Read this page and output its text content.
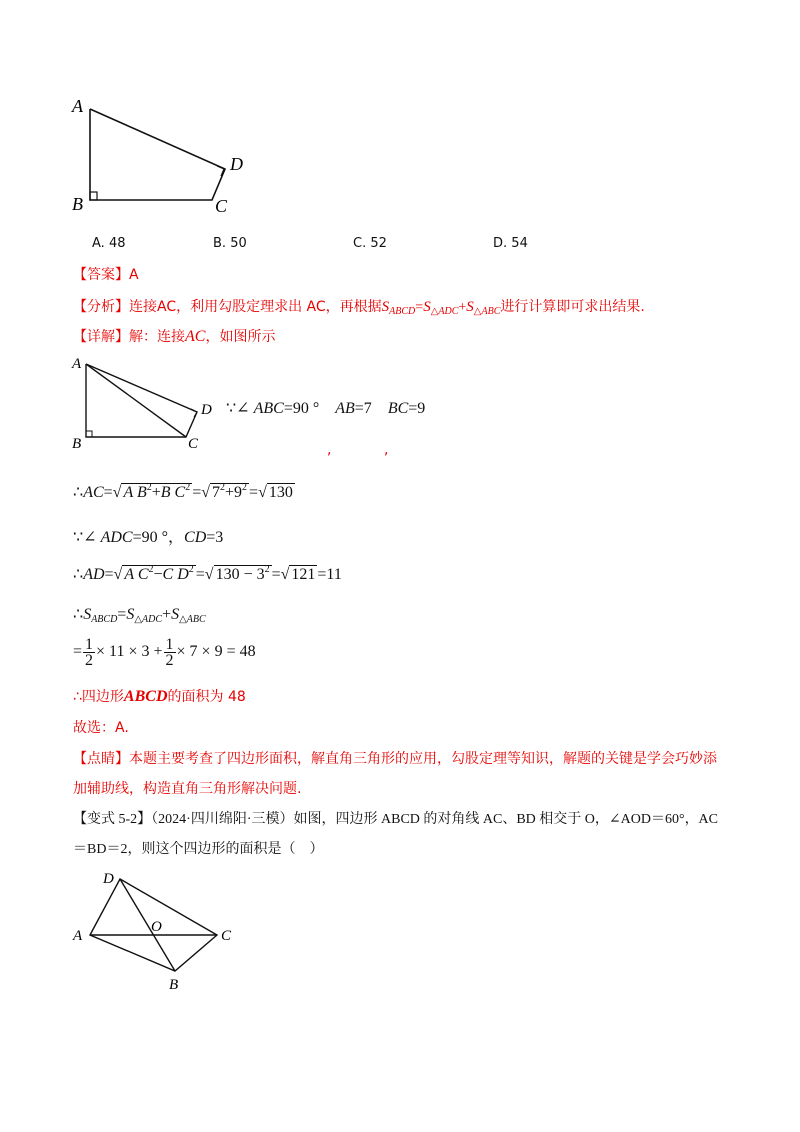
A
B	C
D
A. 48	B. 50	C. 52	D. 54
【答案】A
【分析】连接AC，利用勾股定理求出 AC，再根据$S_{ABCD}=S_{\triangle ADC}+S_{\triangle ABC}$进行计算即可求出结果.
【详解】解：连接AC，如图所示
A
B	C
D ∵∠ ABC=90 ° AB=7 BC=9
,	,
∴AC=√ A $B^2+B$ $C^2$ =√ $7^2+9^2$ =√ 130
∵∠ ADC=90 °，CD=3
∴AD=√ A $C^2-C$ $D^2$ =√ $130 - 3^2$ =√ 121 =11
$\therefore S_{ABCD}=S_{\triangle ADC}+S_{\triangle ABC}$
= $\frac{1}{2} \times 11 \times 3 + \frac{1}{2} \times 7 \times 9 = 48$
∴四边形ABCD的面积为 48
故选：A.
【点睛】本题主要考查了四边形面积，解直角三角形的应用，勾股定理等知识，解题的关键是学会巧妙添
加辅助线，构造直角三角形解决问题.
【变式 5-2】（2024·四川绵阳·三模）如图，四边形 ABCD 的对角线 AC、BD 相交于 O，∠AOD＝60°，AC
＝BD＝2，则这个四边形的面积是（　）
D
A
O
C
B
